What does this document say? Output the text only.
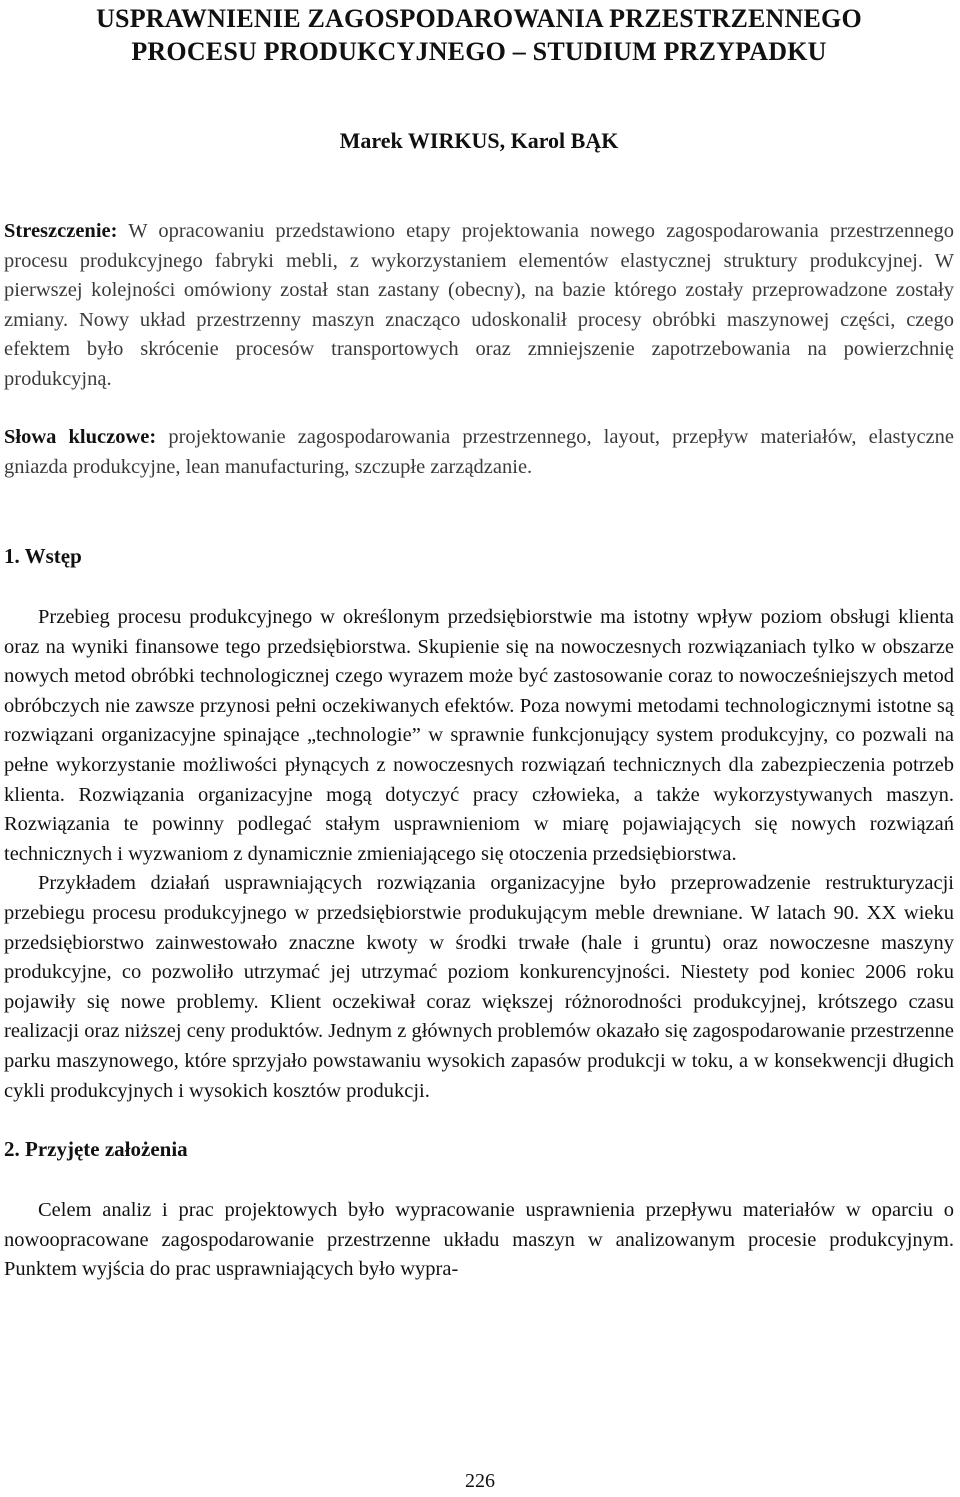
USPRAWNIENIE ZAGOSPODAROWANIA PRZESTRZENNEGO
PROCESU PRODUKCYJNEGO – STUDIUM PRZYPADKU

Marek WIRKUS, Karol BĄK

Streszczenie: W opracowaniu przedstawiono etapy projektowania nowego zagospodarowania przestrzennego procesu produkcyjnego fabryki mebli, z wykorzystaniem elementów elastycznej struktury produkcyjnej. W pierwszej kolejności omówiony został stan zastany (obecny), na bazie którego zostały przeprowadzone zostały zmiany. Nowy układ przestrzenny maszyn znacząco udoskonalił procesy obróbki maszynowej części, czego efektem było skrócenie procesów transportowych oraz zmniejszenie zapotrzebowania na powierzchnię produkcyjną.

Słowa kluczowe: projektowanie zagospodarowania przestrzennego, layout, przepływ materiałów, elastyczne gniazda produkcyjne, lean manufacturing, szczupłe zarządzanie.

1. Wstęp

Przebieg procesu produkcyjnego w określonym przedsiębiorstwie ma istotny wpływ poziom obsługi klienta oraz na wyniki finansowe tego przedsiębiorstwa. Skupienie się na nowoczesnych rozwiązaniach tylko w obszarze nowych metod obróbki technologicznej czego wyrazem może być zastosowanie coraz to nowocześniejszych metod obróbczych nie zawsze przynosi pełni oczekiwanych efektów. Poza nowymi metodami technologicznymi istotne są rozwiązani organizacyjne spinające „technologie” w sprawnie funkcjonujący system produkcyjny, co pozwali na pełne wykorzystanie możliwości płynących z nowoczesnych rozwiązań technicznych dla zabezpieczenia potrzeb klienta. Rozwiązania organizacyjne mogą dotyczyć pracy człowieka, a także wykorzystywanych maszyn. Rozwiązania te powinny podlegać stałym usprawnieniom w miarę pojawiających się nowych rozwiązań technicznych i wyzwaniom z dynamicznie zmieniającego się otoczenia przedsiębiorstwa.

Przykładem działań usprawniających rozwiązania organizacyjne było przeprowadzenie restrukturyzacji przebiegu procesu produkcyjnego w przedsiębiorstwie produkującym meble drewniane. W latach 90. XX wieku przedsiębiorstwo zainwestowało znaczne kwoty w środki trwałe (hale i gruntu) oraz nowoczesne maszyny produkcyjne, co pozwoliło utrzymać jej utrzymać poziom konkurencyjności. Niestety pod koniec 2006 roku pojawiły się nowe problemy. Klient oczekiwał coraz większej różnorodności produkcyjnej, krótszego czasu realizacji oraz niższej ceny produktów. Jednym z głównych problemów okazało się zagospodarowanie przestrzenne parku maszynowego, które sprzyjało powstawaniu wysokich zapasów produkcji w toku, a w konsekwencji długich cykli produkcyjnych i wysokich kosztów produkcji.

2. Przyjęte założenia

Celem analiz i prac projektowych było wypracowanie usprawnienia przepływu materiałów w oparciu o nowoopracowane zagospodarowanie przestrzenne układu maszyn w analizowanym procesie produkcyjnym. Punktem wyjścia do prac usprawniających było wypra-

226
